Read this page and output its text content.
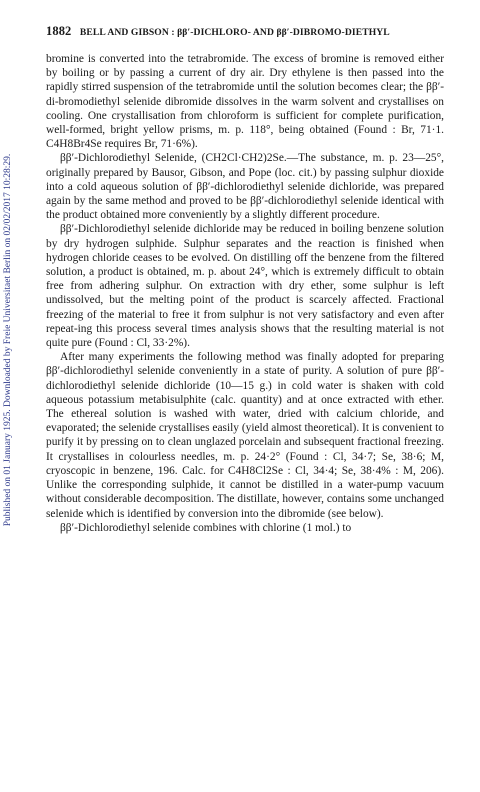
Published on 01 January 1925. Downloaded by Freie Universitaet Berlin on 02/02/2017 10:28:29.
1882 BELL AND GIBSON : ββ′-DICHLORO- AND ββ′-DIBROMO-DIETHYL

bromine is converted into the tetrabromide. The excess of bromine is removed either by boiling or by passing a current of dry air. Dry ethylene is then passed into the rapidly stirred suspension of the tetrabromide until the solution becomes clear; the ββ′-di-bromodiethyl selenide dibromide dissolves in the warm solvent and crystallises on cooling. One crystallisation from chloroform is sufficient for complete purification, well-formed, bright yellow prisms, m. p. 118°, being obtained (Found : Br, 71·1. C4H8Br4Se requires Br, 71·6%).

ββ′-Dichlorodiethyl Selenide, (CH2Cl·CH2)2Se.—The substance, m. p. 23—25°, originally prepared by Bausor, Gibson, and Pope (loc. cit.) by passing sulphur dioxide into a cold aqueous solution of ββ′-dichlorodiethyl selenide dichloride, was prepared again by the same method and proved to be ββ′-dichlorodiethyl selenide identical with the product obtained more conveniently by a slightly different procedure.

ββ′-Dichlorodiethyl selenide dichloride may be reduced in boiling benzene solution by dry hydrogen sulphide. Sulphur separates and the reaction is finished when hydrogen chloride ceases to be evolved. On distilling off the benzene from the filtered solution, a product is obtained, m. p. about 24°, which is extremely difficult to obtain free from adhering sulphur. On extraction with dry ether, some sulphur is left undissolved, but the melting point of the product is scarcely affected. Fractional freezing of the material to free it from sulphur is not very satisfactory and even after repeat-ing this process several times analysis shows that the resulting material is not quite pure (Found : Cl, 33·2%).

After many experiments the following method was finally adopted for preparing ββ′-dichlorodiethyl selenide conveniently in a state of purity. A solution of pure ββ′-dichlorodiethyl selenide dichloride (10—15 g.) in cold water is shaken with cold aqueous potassium metabisulphite (calc. quantity) and at once extracted with ether. The ethereal solution is washed with water, dried with calcium chloride, and evaporated; the selenide crystallises easily (yield almost theoretical). It is convenient to purify it by pressing on to clean unglazed porcelain and subsequent fractional freezing. It crystallises in colourless needles, m. p. 24·2° (Found : Cl, 34·7; Se, 38·6; M, cryoscopic in benzene, 196. Calc. for C4H8Cl2Se : Cl, 34·4; Se, 38·4% : M, 206). Unlike the corresponding sulphide, it cannot be distilled in a water-pump vacuum without considerable decomposition. The distillate, however, contains some unchanged selenide which is identified by conversion into the dibromide (see below).

ββ′-Dichlorodiethyl selenide combines with chlorine (1 mol.) to
